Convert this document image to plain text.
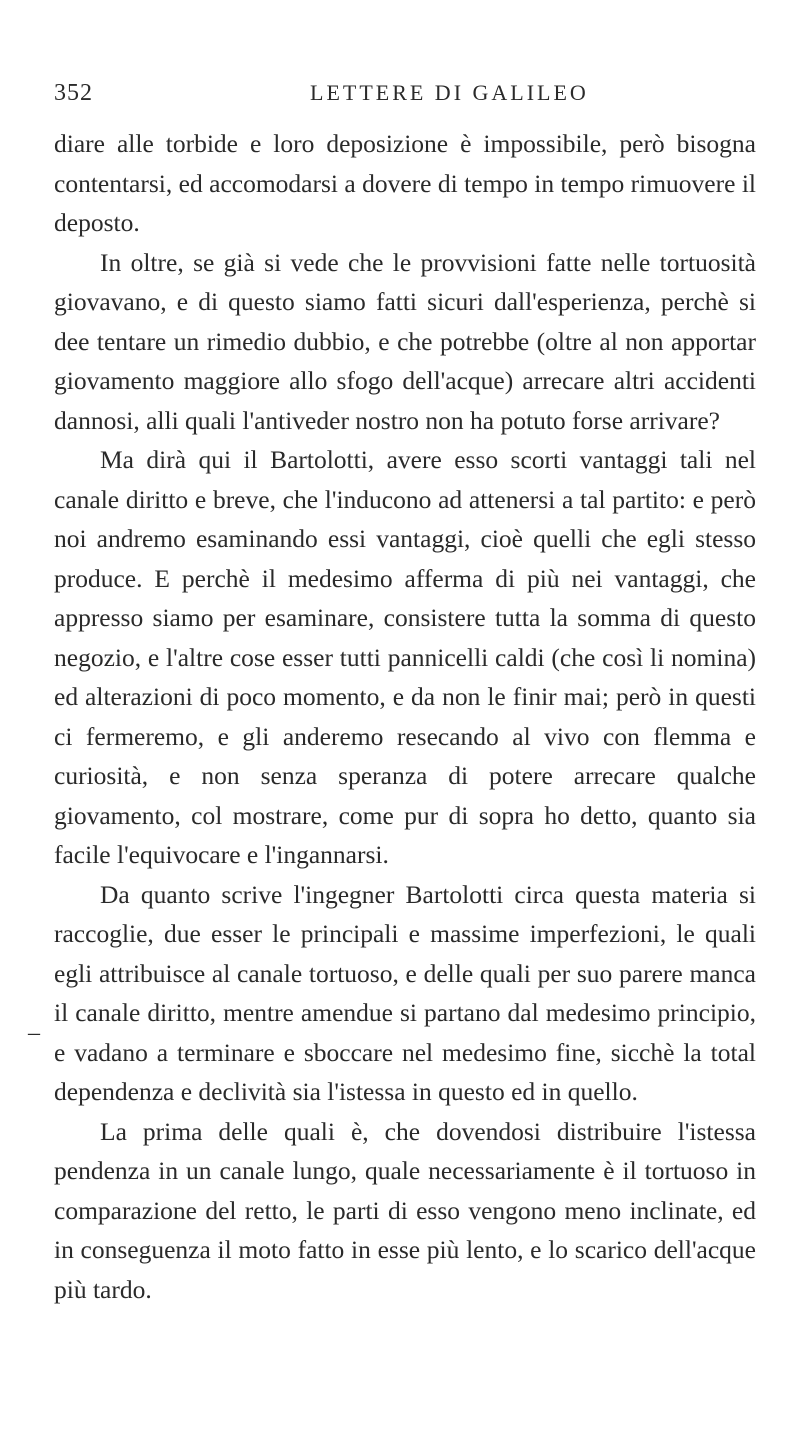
352	LETTERE DI GALILEO
–

diare alle torbide e loro deposizione è impossibile, però bisogna contentarsi, ed accomodarsi a dovere di tempo in tempo rimuovere il deposto.

In oltre, se già si vede che le provvisioni fatte nelle tortuosità giovavano, e di questo siamo fatti sicuri dall'esperienza, perchè si dee tentare un rimedio dubbio, e che potrebbe (oltre al non apportar giovamento maggiore allo sfogo dell'acque) arrecare altri accidenti dannosi, alli quali l'antiveder nostro non ha potuto forse arrivare?

Ma dirà qui il Bartolotti, avere esso scorti vantaggi tali nel canale diritto e breve, che l'inducono ad attenersi a tal partito: e però noi andremo esaminando essi vantaggi, cioè quelli che egli stesso produce. E perchè il medesimo afferma di più nei vantaggi, che appresso siamo per esaminare, consistere tutta la somma di questo negozio, e l'altre cose esser tutti pannicelli caldi (che così li nomina) ed alterazioni di poco momento, e da non le finir mai; però in questi ci fermeremo, e gli anderemo resecando al vivo con flemma e curiosità, e non senza speranza di potere arrecare qualche giovamento, col mostrare, come pur di sopra ho detto, quanto sia facile l'equivocare e l'ingannarsi.

Da quanto scrive l'ingegner Bartolotti circa questa materia si raccoglie, due esser le principali e massime imperfezioni, le quali egli attribuisce al canale tortuoso, e delle quali per suo parere manca il canale diritto, mentre amendue si partano dal medesimo principio, e vadano a terminare e sboccare nel medesimo fine, sicchè la total dependenza e declività sia l'istessa in questo ed in quello.

La prima delle quali è, che dovendosi distribuire l'istessa pendenza in un canale lungo, quale necessariamente è il tortuoso in comparazione del retto, le parti di esso vengono meno inclinate, ed in conseguenza il moto fatto in esse più lento, e lo scarico dell'acque più tardo.
